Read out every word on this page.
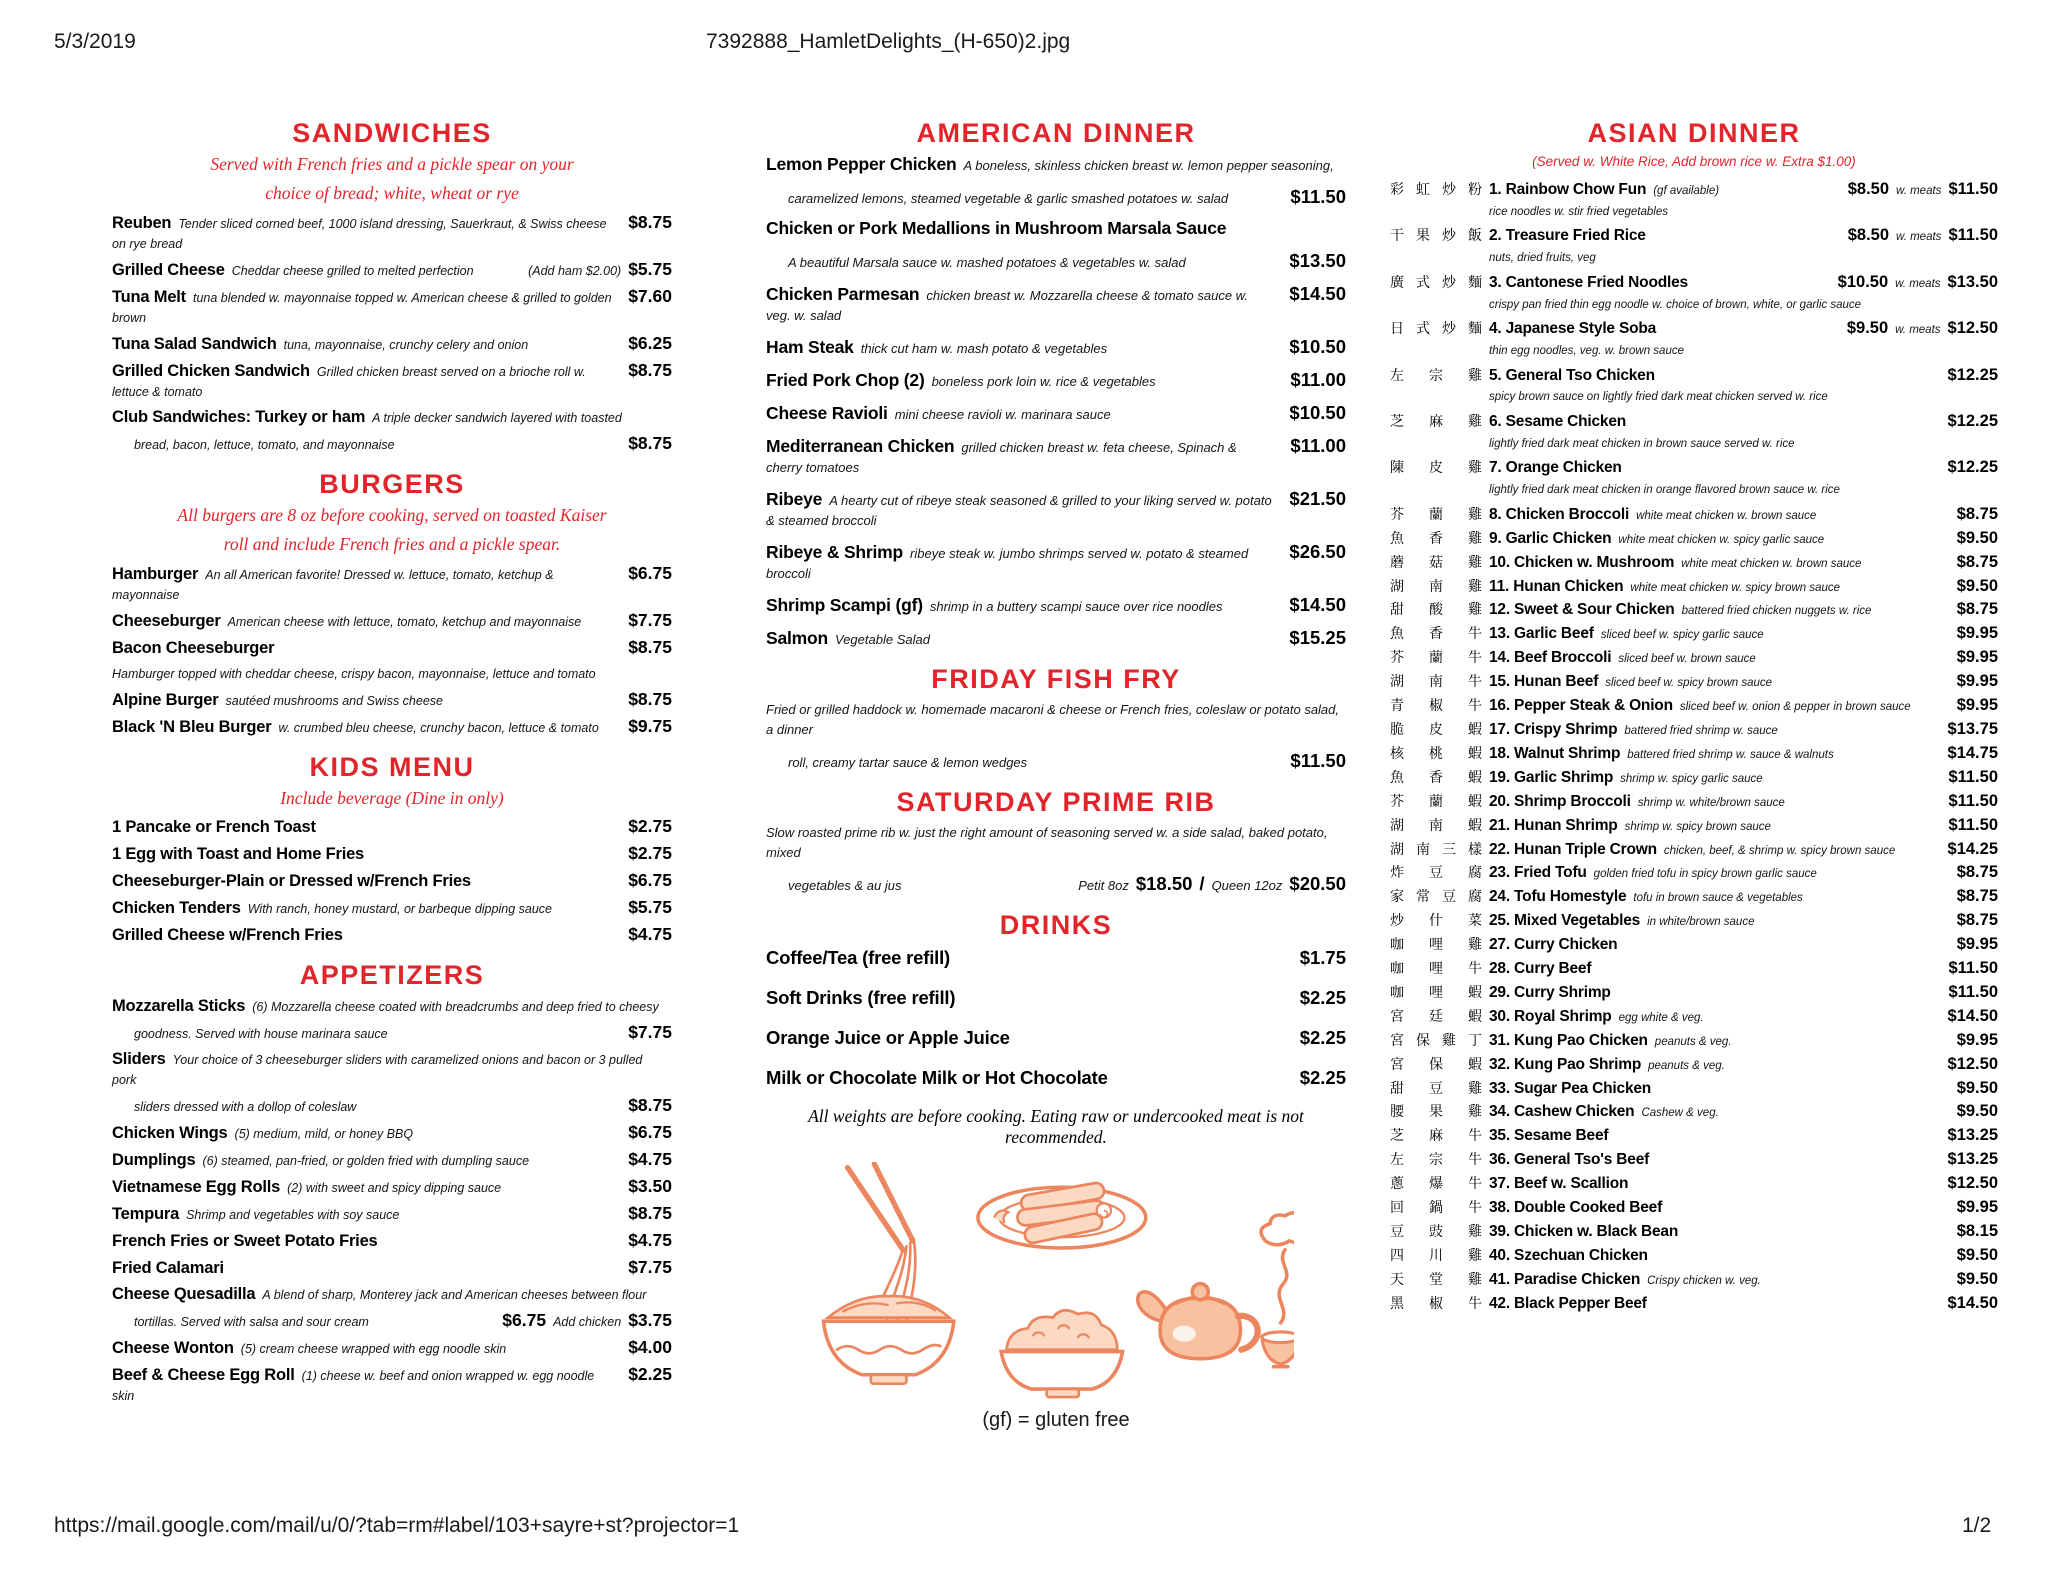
5/3/2019	7392888_HamletDelights_(H-650)2.jpg
https://mail.google.com/mail/u/0/?tab=rm#label/103+sayre+st?projector=1	1/2
SANDWICHES
Served with French fries and a pickle spear on your
choice of bread; white, wheat or rye
Reuben Tender sliced corned beef, 1000 island dressing, Sauerkraut, & Swiss cheese on rye bread
$8.75
Grilled Cheese Cheddar cheese grilled to melted perfection	(Add ham $2.00) $5.75
Tuna Melt tuna blended w. mayonnaise topped w. American cheese & grilled to golden brown
$7.60
Tuna Salad Sandwich tuna, mayonnaise, crunchy celery and onion	$6.25
Grilled Chicken Sandwich Grilled chicken breast served on a brioche roll w. lettuce & tomato
$8.75
Club Sandwiches: Turkey or ham A triple decker sandwich layered with toasted
bread, bacon, lettuce, tomato, and mayonnaise	$8.75
BURGERS
All burgers are 8 oz before cooking, served on toasted Kaiser
roll and include French fries and a pickle spear.
Hamburger An all American favorite! Dressed w. lettuce, tomato, ketchup & mayonnaise
$6.75
Cheeseburger American cheese with lettuce, tomato, ketchup and mayonnaise	$7.75
Bacon Cheeseburger	$8.75
Hamburger topped with cheddar cheese, crispy bacon, mayonnaise, lettuce and tomato
Alpine Burger sautéed mushrooms and Swiss cheese	$8.75
Black 'N Bleu Burger w. crumbed bleu cheese, crunchy bacon, lettuce & tomato	$9.75
KIDS MENU
Include beverage (Dine in only)
1 Pancake or French Toast	$2.75
1 Egg with Toast and Home Fries	$2.75
Cheeseburger-Plain or Dressed w/French Fries	$6.75
Chicken Tenders With ranch, honey mustard, or barbeque dipping sauce	$5.75
Grilled Cheese w/French Fries	$4.75
APPETIZERS
Mozzarella Sticks (6) Mozzarella cheese coated with breadcrumbs and deep fried to cheesy
goodness. Served with house marinara sauce	$7.75
Sliders Your choice of 3 cheeseburger sliders with caramelized onions and bacon or 3 pulled pork
sliders dressed with a dollop of coleslaw	$8.75
Chicken Wings (5) medium, mild, or honey BBQ	$6.75
Dumplings (6) steamed, pan-fried, or golden fried with dumpling sauce	$4.75
Vietnamese Egg Rolls (2) with sweet and spicy dipping sauce	$3.50
Tempura Shrimp and vegetables with soy sauce	$8.75
French Fries or Sweet Potato Fries	$4.75
Fried Calamari	$7.75
Cheese Quesadilla A blend of sharp, Monterey jack and American cheeses between flour
tortillas. Served with salsa and sour cream	$6.75 Add chicken $3.75
Cheese Wonton (5) cream cheese wrapped with egg noodle skin	$4.00
Beef & Cheese Egg Roll (1) cheese w. beef and onion wrapped w. egg noodle skin
$2.25
AMERICAN DINNER
Lemon Pepper Chicken A boneless, skinless chicken breast w. lemon pepper seasoning,
caramelized lemons, steamed vegetable & garlic smashed potatoes w. salad	$11.50
Chicken or Pork Medallions in Mushroom Marsala Sauce
A beautiful Marsala sauce w. mashed potatoes & vegetables w. salad	$13.50
Chicken Parmesan chicken breast w. Mozzarella cheese & tomato sauce w. veg. w. salad
$14.50
Ham Steak thick cut ham w. mash potato & vegetables	$10.50
Fried Pork Chop (2) boneless pork loin w. rice & vegetables	$11.00
Cheese Ravioli mini cheese ravioli w. marinara sauce	$10.50
Mediterranean Chicken grilled chicken breast w. feta cheese, Spinach & cherry tomatoes
$11.00
Ribeye A hearty cut of ribeye steak seasoned & grilled to your liking served w. potato & steamed broccoli
$21.50
Ribeye & Shrimp ribeye steak w. jumbo shrimps served w. potato & steamed broccoli
$26.50
Shrimp Scampi (gf) shrimp in a buttery scampi sauce over rice noodles	$14.50
Salmon Vegetable Salad	$15.25
FRIDAY FISH FRY
Fried or grilled haddock w. homemade macaroni & cheese or French fries, coleslaw or potato salad, a dinner
roll, creamy tartar sauce & lemon wedges	$11.50
SATURDAY PRIME RIB
Slow roasted prime rib w. just the right amount of seasoning served w. a side salad, baked potato, mixed
vegetables & au jus	Petit 8oz $18.50 / Queen 12oz $20.50
DRINKS
Coffee/Tea (free refill)	$1.75
Soft Drinks (free refill)	$2.25
Orange Juice or Apple Juice	$2.25
Milk or Chocolate Milk or Hot Chocolate	$2.25
All weights are before cooking. Eating raw or undercooked meat is not recommended.
(gf) = gluten free
ASIAN DINNER
(Served w. White Rice, Add brown rice w. Extra $1.00)
彩虹炒粉 1. Rainbow Chow Fun (gf available)	$8.50 w. meats $11.50
rice noodles w. stir fried vegetables
干果炒飯 2. Treasure Fried Rice	$8.50 w. meats $11.50
nuts, dried fruits, veg
廣式炒麵 3. Cantonese Fried Noodles	$10.50 w. meats $13.50
crispy pan fried thin egg noodle w. choice of brown, white, or garlic sauce
日式炒麵 4. Japanese Style Soba	$9.50 w. meats $12.50
thin egg noodles, veg. w. brown sauce
左宗雞 5. General Tso Chicken	$12.25
spicy brown sauce on lightly fried dark meat chicken served w. rice
芝麻雞 6. Sesame Chicken	$12.25
lightly fried dark meat chicken in brown sauce served w. rice
陳皮雞 7. Orange Chicken	$12.25
lightly fried dark meat chicken in orange flavored brown sauce w. rice
芥蘭雞 8. Chicken Broccoli white meat chicken w. brown sauce	$8.75
魚香雞 9. Garlic Chicken white meat chicken w. spicy garlic sauce	$9.50
蘑菇雞 10. Chicken w. Mushroom white meat chicken w. brown sauce	$8.75
湖南雞 11. Hunan Chicken white meat chicken w. spicy brown sauce	$9.50
甜酸雞 12. Sweet & Sour Chicken battered fried chicken nuggets w. rice	$8.75
魚香牛 13. Garlic Beef sliced beef w. spicy garlic sauce	$9.95
芥蘭牛 14. Beef Broccoli sliced beef w. brown sauce	$9.95
湖南牛 15. Hunan Beef sliced beef w. spicy brown sauce	$9.95
青椒牛 16. Pepper Steak & Onion sliced beef w. onion & pepper in brown sauce	$9.95
脆皮蝦 17. Crispy Shrimp battered fried shrimp w. sauce	$13.75
核桃蝦 18. Walnut Shrimp battered fried shrimp w. sauce & walnuts	$14.75
魚香蝦 19. Garlic Shrimp shrimp w. spicy garlic sauce	$11.50
芥蘭蝦 20. Shrimp Broccoli shrimp w. white/brown sauce	$11.50
湖南蝦 21. Hunan Shrimp shrimp w. spicy brown sauce	$11.50
湖南三樣 22. Hunan Triple Crown chicken, beef, & shrimp w. spicy brown sauce	$14.25
炸豆腐 23. Fried Tofu golden fried tofu in spicy brown garlic sauce	$8.75
家常豆腐 24. Tofu Homestyle tofu in brown sauce & vegetables	$8.75
炒什菜 25. Mixed Vegetables in white/brown sauce	$8.75
咖哩雞 27. Curry Chicken	$9.95
咖哩牛 28. Curry Beef	$11.50
咖哩蝦 29. Curry Shrimp	$11.50
宮廷蝦 30. Royal Shrimp egg white & veg.	$14.50
宮保雞丁 31. Kung Pao Chicken peanuts & veg.	$9.95
宮保蝦 32. Kung Pao Shrimp peanuts & veg.	$12.50
甜豆雞 33. Sugar Pea Chicken	$9.50
腰果雞 34. Cashew Chicken Cashew & veg.	$9.50
芝麻牛 35. Sesame Beef	$13.25
左宗牛 36. General Tso's Beef	$13.25
蔥爆牛 37. Beef w. Scallion	$12.50
回鍋牛 38. Double Cooked Beef	$9.95
豆豉雞 39. Chicken w. Black Bean	$8.15
四川雞 40. Szechuan Chicken	$9.50
天堂雞 41. Paradise Chicken Crispy chicken w. veg.	$9.50
黑椒牛 42. Black Pepper Beef	$14.50
